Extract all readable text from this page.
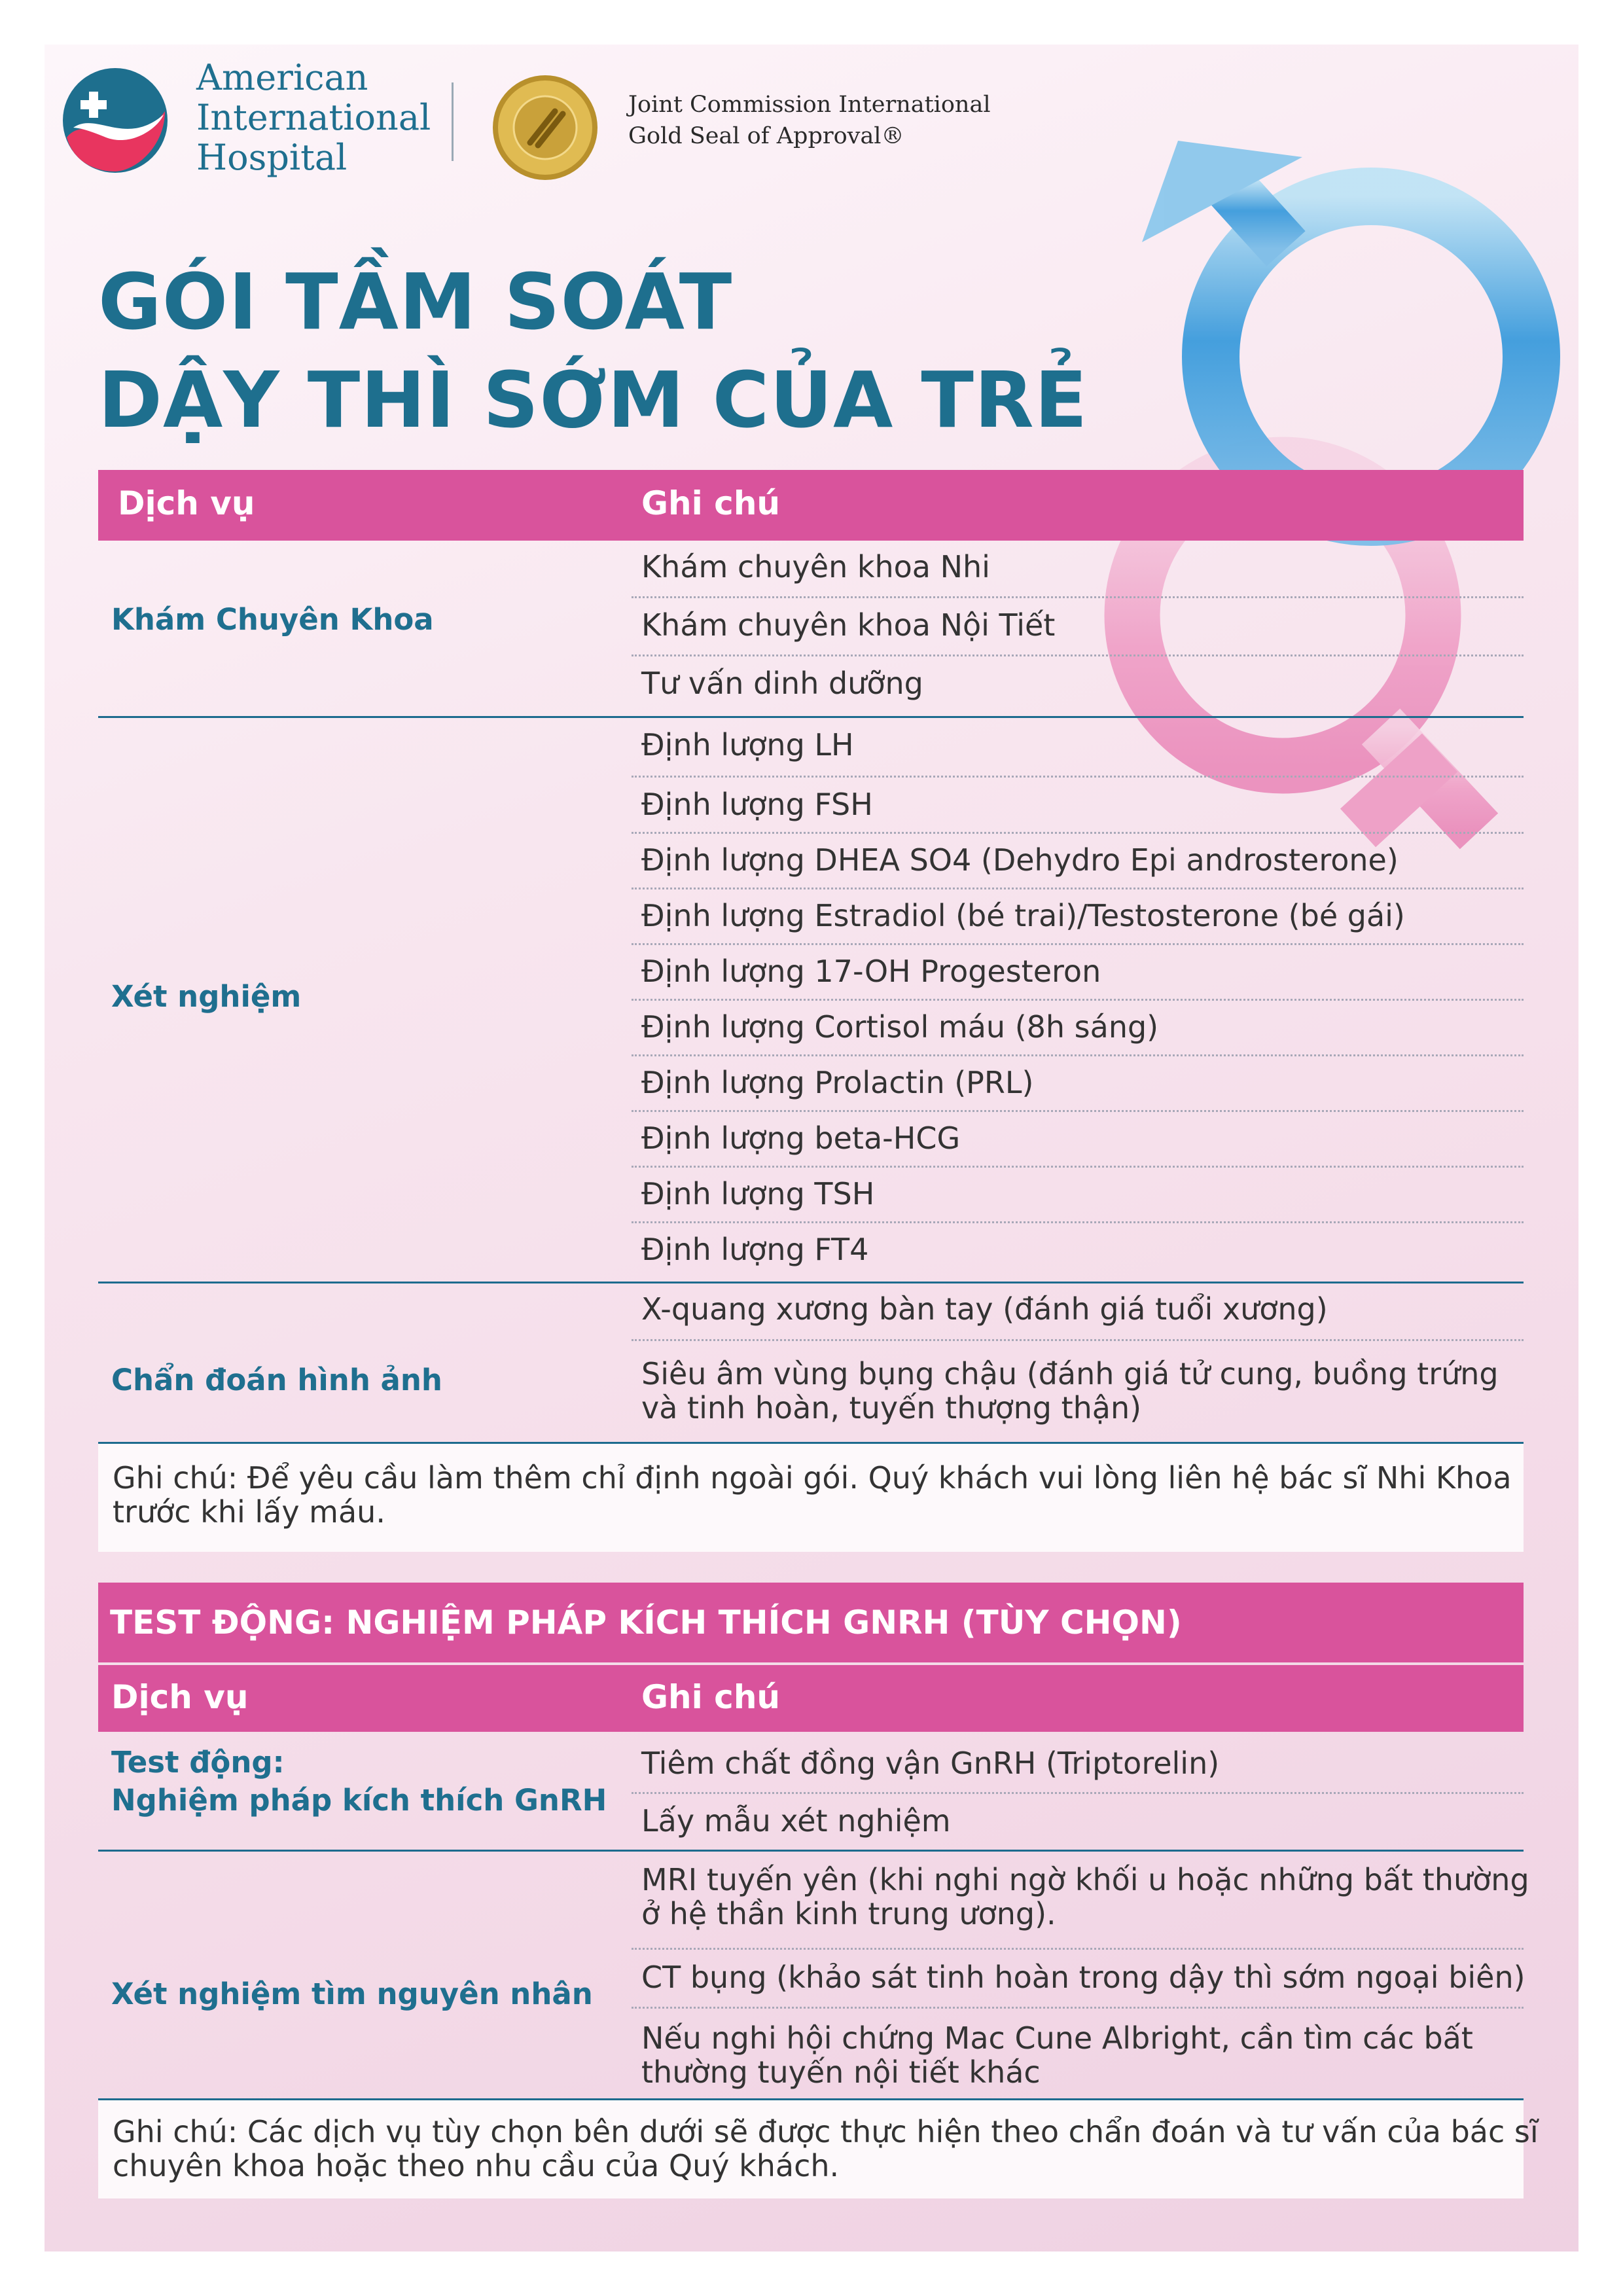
American
International
Hospital
Joint Commission International
Gold Seal of Approval®
GÓI TẦM SOÁT
DẬY THÌ SỚM CỦA TRẺ
Dịch vụ	Ghi chú
Khám Chuyên Khoa
Khám chuyên khoa Nhi
Khám chuyên khoa Nội Tiết
Tư vấn dinh dưỡng
Xét nghiệm
Định lượng LH
Định lượng FSH
Định lượng DHEA SO4 (Dehydro Epi androsterone)
Định lượng Estradiol (bé trai)/Testosterone (bé gái)
Định lượng 17-OH Progesteron
Định lượng Cortisol máu (8h sáng)
Định lượng Prolactin (PRL)
Định lượng beta-HCG
Định lượng TSH
Định lượng FT4
Chẩn đoán hình ảnh
X-quang xương bàn tay (đánh giá tuổi xương)
Siêu âm vùng bụng chậu (đánh giá tử cung, buồng trứng
và tinh hoàn, tuyến thượng thận)
Ghi chú: Để yêu cầu làm thêm chỉ định ngoài gói. Quý khách vui lòng liên hệ bác sĩ Nhi Khoa
trước khi lấy máu.
TEST ĐỘNG: NGHIỆM PHÁP KÍCH THÍCH GNRH (TÙY CHỌN)
Dịch vụ	Ghi chú
Test động:
Nghiệm pháp kích thích GnRH
Tiêm chất đồng vận GnRH (Triptorelin)
Lấy mẫu xét nghiệm
Xét nghiệm tìm nguyên nhân
MRI tuyến yên (khi nghi ngờ khối u hoặc những bất thường
ở hệ thần kinh trung ương).
CT bụng (khảo sát tinh hoàn trong dậy thì sớm ngoại biên)
Nếu nghi hội chứng Mac Cune Albright, cần tìm các bất
thường tuyến nội tiết khác
Ghi chú: Các dịch vụ tùy chọn bên dưới sẽ được thực hiện theo chẩn đoán và tư vấn của bác sĩ
chuyên khoa hoặc theo nhu cầu của Quý khách.
